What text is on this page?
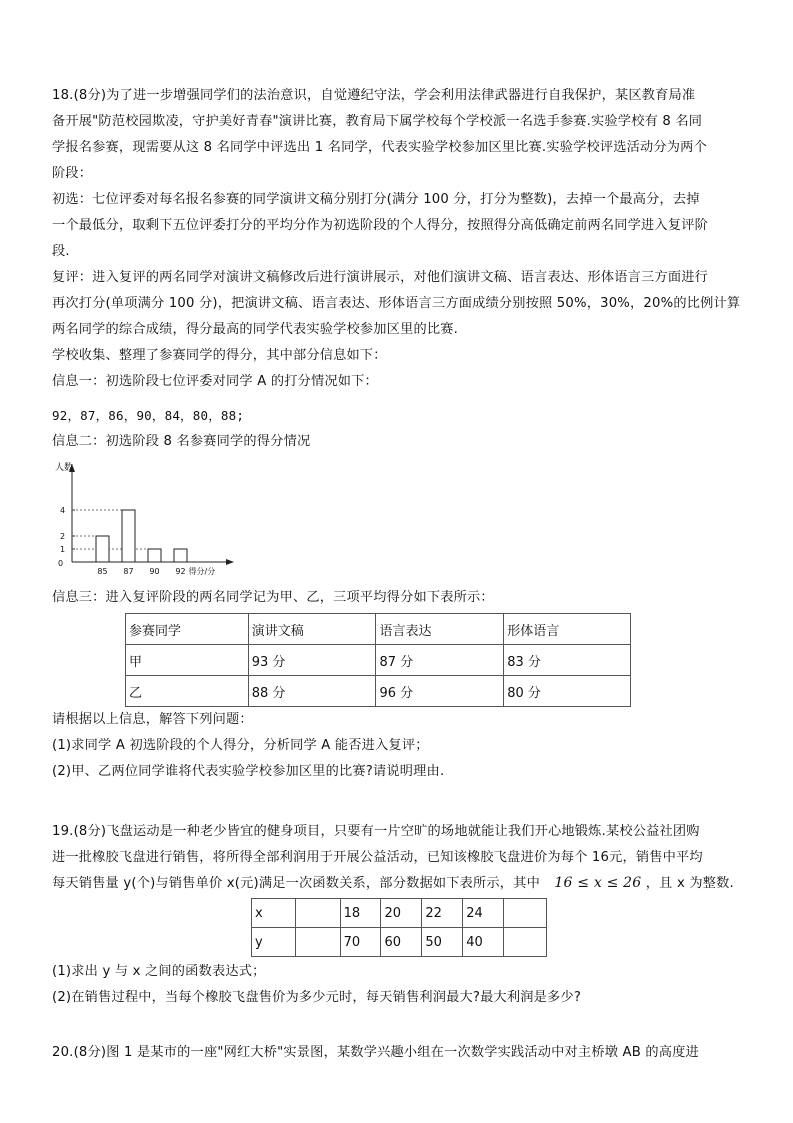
18.(8分)为了进一步增强同学们的法治意识，自觉遵纪守法，学会利用法律武器进行自我保护，某区教育局准
备开展"防范校园欺凌，守护美好青春"演讲比赛，教育局下属学校每个学校派一名选手参赛.实验学校有 8 名同
学报名参赛，现需要从这 8 名同学中评选出 1 名同学，代表实验学校参加区里比赛.实验学校评选活动分为两个
阶段：
初选：七位评委对每名报名参赛的同学演讲文稿分别打分(满分 100 分，打分为整数)，去掉一个最高分，去掉
一个最低分，取剩下五位评委打分的平均分作为初选阶段的个人得分，按照得分高低确定前两名同学进入复评阶
段.
复评：进入复评的两名同学对演讲文稿修改后进行演讲展示，对他们演讲文稿、语言表达、形体语言三方面进行
再次打分(单项满分 100 分)，把演讲文稿、语言表达、形体语言三方面成绩分别按照 50%，30%，20%的比例计算
两名同学的综合成绩，得分最高的同学代表实验学校参加区里的比赛.
学校收集、整理了参赛同学的得分，其中部分信息如下：
信息一：初选阶段七位评委对同学 A 的打分情况如下：
92，87，86，90，84，80，88;
信息二：初选阶段 8 名参赛同学的得分情况
人数
0
1
2
4
85 87 90 92 得分/分
信息三：进入复评阶段的两名同学记为甲、乙，三项平均得分如下表所示：
参赛同学	演讲文稿	语言表达	形体语言
甲	93 分	87 分	83 分
乙	88 分	96 分	80 分
请根据以上信息，解答下列问题：
(1)求同学 A 初选阶段的个人得分，分析同学 A 能否进入复评；
(2)甲、乙两位同学谁将代表实验学校参加区里的比赛?请说明理由.
19.(8分)飞盘运动是一种老少皆宜的健身项目，只要有一片空旷的场地就能让我们开心地锻炼.某校公益社团购
进一批橡胶飞盘进行销售，将所得全部利润用于开展公益活动，已知该橡胶飞盘进价为每个 16元，销售中平均
每天销售量 y(个)与销售单价 x(元)满足一次函数关系，部分数据如下表所示，其中 16 ≤ x ≤ 26 ，且 x 为整数.
x		18	20	22	24	
y		70	60	50	40	
(1)求出 y 与 x 之间的函数表达式；
(2)在销售过程中，当每个橡胶飞盘售价为多少元时，每天销售利润最大?最大利润是多少?
20.(8分)图 1 是某市的一座"网红大桥"实景图，某数学兴趣小组在一次数学实践活动中对主桥墩 AB 的高度进
